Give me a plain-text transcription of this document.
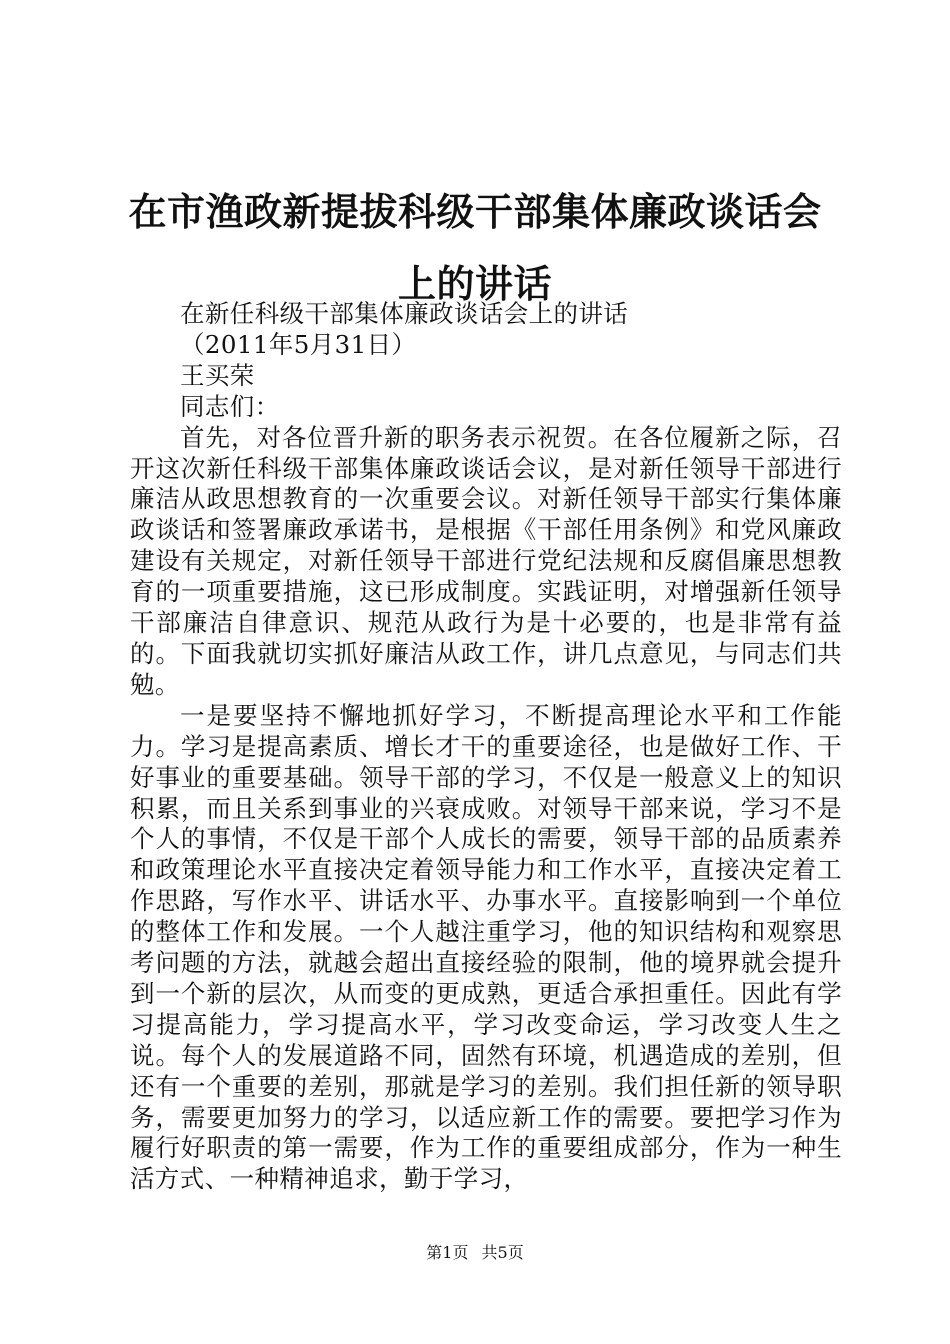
在市渔政新提拔科级干部集体廉政谈话会上的讲话

在新任科级干部集体廉政谈话会上的讲话

（2011年5月31日）

王买荣

同志们：

首先，对各位晋升新的职务表示祝贺。在各位履新之际，召开这次新任科级干部集体廉政谈话会议，是对新任领导干部进行廉洁从政思想教育的一次重要会议。对新任领导干部实行集体廉政谈话和签署廉政承诺书，是根据《干部任用条例》和党风廉政建设有关规定，对新任领导干部进行党纪法规和反腐倡廉思想教育的一项重要措施，这已形成制度。实践证明，对增强新任领导干部廉洁自律意识、规范从政行为是十必要的，也是非常有益的。下面我就切实抓好廉洁从政工作，讲几点意见，与同志们共勉。

一是要坚持不懈地抓好学习，不断提高理论水平和工作能力。学习是提高素质、增长才干的重要途径，也是做好工作、干好事业的重要基础。领导干部的学习，不仅是一般意义上的知识积累，而且关系到事业的兴衰成败。对领导干部来说，学习不是个人的事情，不仅是干部个人成长的需要，领导干部的品质素养和政策理论水平直接决定着领导能力和工作水平，直接决定着工作思路，写作水平、讲话水平、办事水平。直接影响到一个单位的整体工作和发展。一个人越注重学习，他的知识结构和观察思考问题的方法，就越会超出直接经验的限制，他的境界就会提升到一个新的层次，从而变的更成熟，更适合承担重任。因此有学习提高能力，学习提高水平，学习改变命运，学习改变人生之说。每个人的发展道路不同，固然有环境，机遇造成的差别，但还有一个重要的差别，那就是学习的差别。我们担任新的领导职务，需要更加努力的学习，以适应新工作的需要。要把学习作为履行好职责的第一需要，作为工作的重要组成部分，作为一种生活方式、一种精神追求，勤于学习，

第1页 共5页
